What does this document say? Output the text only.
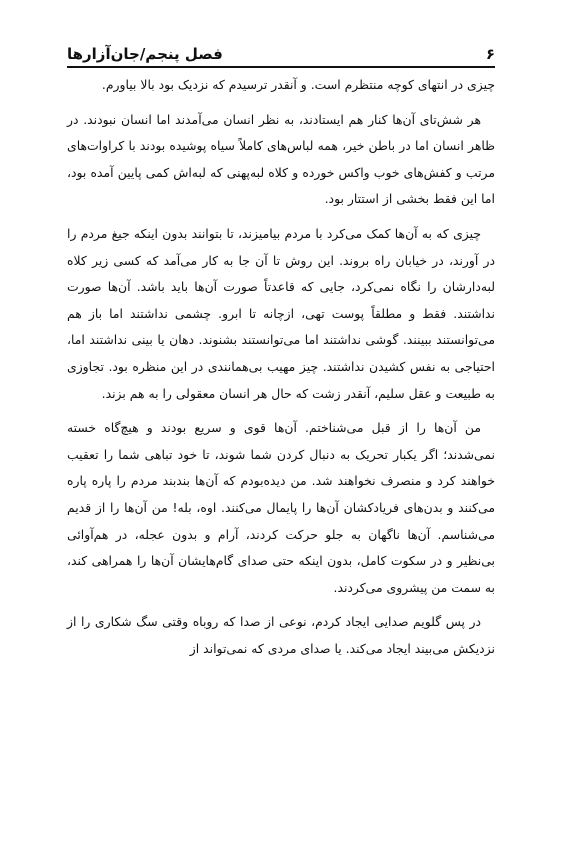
۶
فصل پنجم/جان‌آزارها

چیزی در انتهای کوچه منتظرم است. و آنقدر ترسیدم که نزدیک بود بالا بیاورم.

هر شش‌تای آن‌ها کنار هم ایستادند، به نظر انسان می‌آمدند اما انسان نبودند. در ظاهر انسان اما در باطن خیر، همه لباس‌های کاملاً سیاه پوشیده بودند با کراوات‌های مرتب و کفش‌های خوب واکس خورده و کلاه لبه‌پهنی که لبه‌اش کمی پایین آمده بود، اما این فقط بخشی از استتار بود.

چیزی که به آن‌ها کمک می‌کرد با مردم بیامیزند، تا بتوانند بدون اینکه جیغ مردم را در آورند، در خیابان راه بروند. این روش تا آن جا به کار می‌آمد که کسی زیر کلاه لبه‌دارشان را نگاه نمی‌کرد، جایی که قاعدتاً صورت آن‌ها باید باشد. آن‌ها صورت نداشتند. فقط و مطلقاً پوست تهی، ازچانه تا ابرو. چشمی نداشتند اما باز هم می‌توانستند ببینند. گوشی نداشتند اما می‌توانستند بشنوند. دهان یا بینی نداشتند اما، احتیاجی به نفس کشیدن نداشتند. چیز مهیب بی‌همانندی در این منظره بود. تجاوزی به طبیعت و عقل سلیم، آنقدر زشت که حال هر انسان معقولی را به هم بزند.

من آن‌ها را از قبل می‌شناختم. آن‌ها قوی و سریع بودند و هیچ‌گاه خسته نمی‌شدند؛ اگر یکبار تحریک به دنبال کردن شما شوند، تا خود تباهی شما را تعقیب خواهند کرد و منصرف نخواهند شد. من دیده‌بودم که آن‌ها بندبند مردم را پاره پاره می‌کنند و بدن‌های فریادکشان آن‌ها را پایمال می‌کنند. اوه، بله! من آن‌ها را از قدیم می‌شناسم. آن‌ها ناگهان به جلو حرکت کردند، آرام و بدون عجله، در هم‌آوائی بی‌نظیر و در سکوت کامل، بدون اینکه حتی صدای گام‌هایشان آن‌ها را همراهی کند، به سمت من پیشروی می‌کردند.

در پس گلویم صدایی ایجاد کردم، نوعی از صدا که روباه وقتی سگ شکاری را از نزدیکش می‌بیند ایجاد می‌کند. یا صدای مردی که نمی‌تواند از
